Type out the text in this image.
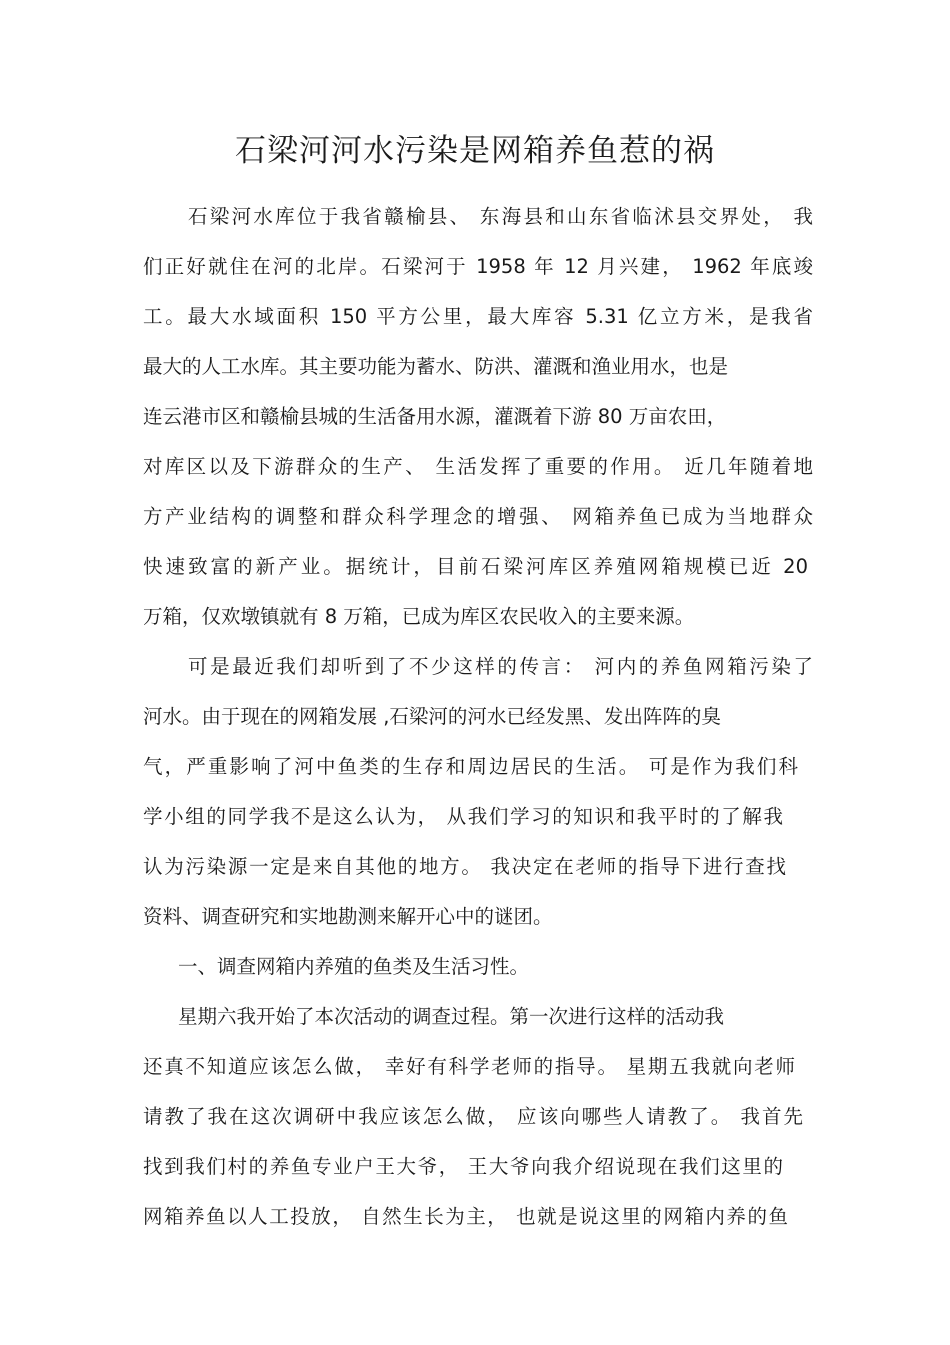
石梁河河水污染是网箱养鱼惹的祸
石梁河水库位于我省赣榆县、 东海县和山东省临沭县交界处， 我
们正好就住在河的北岸。石梁河于 1958 年 12 月兴建， 1962 年底竣
工。最大水域面积 150 平方公里，最大库容 5.31 亿立方米，是我省
最大的人工水库。其主要功能为蓄水、防洪、灌溉和渔业用水，也是
连云港市区和赣榆县城的生活备用水源，灌溉着下游 80 万亩农田，
对库区以及下游群众的生产、 生活发挥了重要的作用。 近几年随着地
方产业结构的调整和群众科学理念的增强、 网箱养鱼已成为当地群众
快速致富的新产业。据统计，目前石梁河库区养殖网箱规模已近 20
万箱，仅欢墩镇就有 8 万箱，已成为库区农民收入的主要来源。
可是最近我们却听到了不少这样的传言： 河内的养鱼网箱污染了
河水。由于现在的网箱发展 ,石梁河的河水已经发黑、发出阵阵的臭
气，严重影响了河中鱼类的生存和周边居民的生活。 可是作为我们科
学小组的同学我不是这么认为， 从我们学习的知识和我平时的了解我
认为污染源一定是来自其他的地方。 我决定在老师的指导下进行查找
资料、调查研究和实地勘测来解开心中的谜团。
一、调查网箱内养殖的鱼类及生活习性。
星期六我开始了本次活动的调查过程。第一次进行这样的活动我
还真不知道应该怎么做， 幸好有科学老师的指导。 星期五我就向老师
请教了我在这次调研中我应该怎么做， 应该向哪些人请教了。 我首先
找到我们村的养鱼专业户王大爷， 王大爷向我介绍说现在我们这里的
网箱养鱼以人工投放， 自然生长为主， 也就是说这里的网箱内养的鱼
